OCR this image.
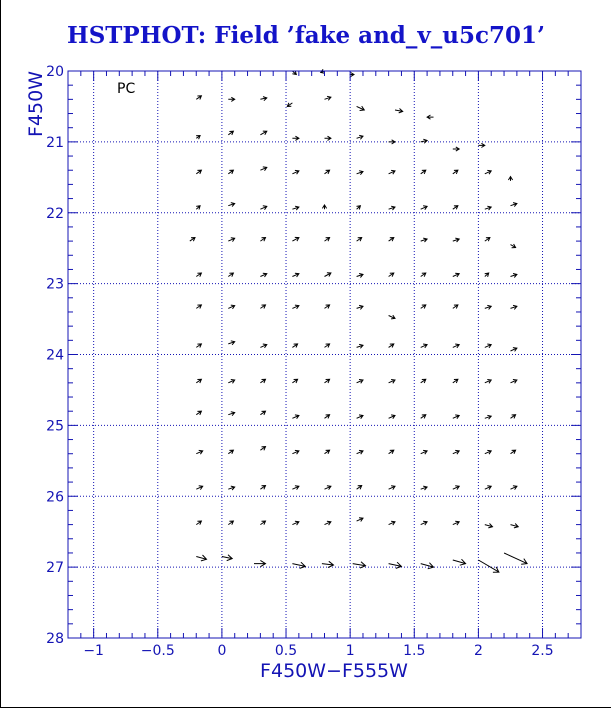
HSTPHOT: Field ’fake and_v_u5c701’
−1	−0.5	0	0.5	1	1.5	2	2.5
20
21
22
23
24
25
26
27
28
PC
F450W−F555W
F450W
